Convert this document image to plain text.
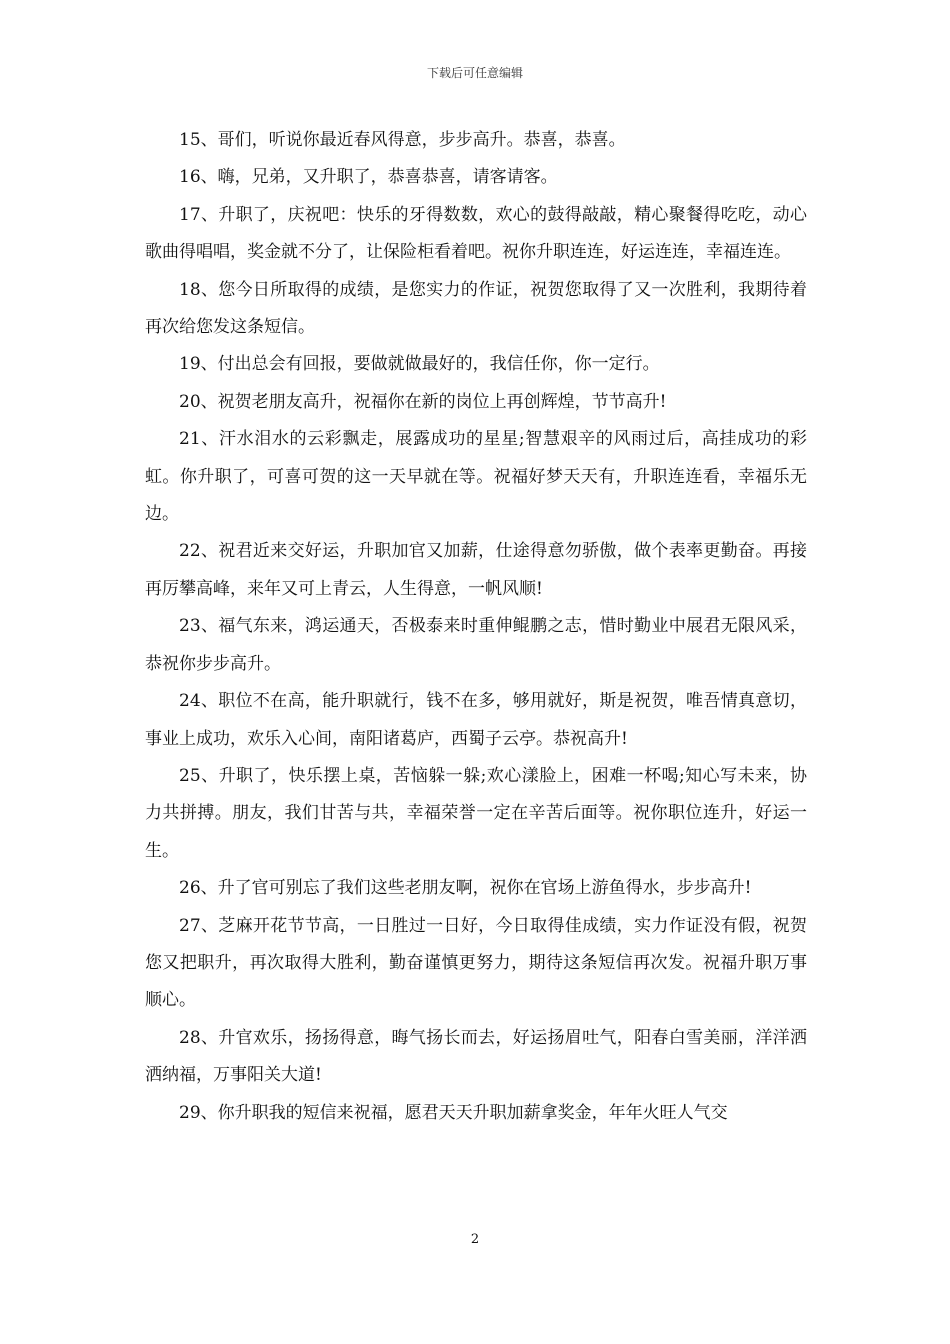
下载后可任意编辑

15、哥们，听说你最近春风得意，步步高升。恭喜，恭喜。

16、嗨，兄弟，又升职了，恭喜恭喜，请客请客。

17、升职了，庆祝吧：快乐的牙得数数，欢心的鼓得敲敲，精心聚餐得吃吃，动心歌曲得唱唱，奖金就不分了，让保险柜看着吧。祝你升职连连，好运连连，幸福连连。

18、您今日所取得的成绩，是您实力的作证，祝贺您取得了又一次胜利，我期待着再次给您发这条短信。

19、付出总会有回报，要做就做最好的，我信任你，你一定行。

20、祝贺老朋友高升，祝福你在新的岗位上再创辉煌，节节高升!

21、汗水泪水的云彩飘走，展露成功的星星;智慧艰辛的风雨过后，高挂成功的彩虹。你升职了，可喜可贺的这一天早就在等。祝福好梦天天有，升职连连看，幸福乐无边。

22、祝君近来交好运，升职加官又加薪，仕途得意勿骄傲，做个表率更勤奋。再接再厉攀高峰，来年又可上青云，人生得意，一帆风顺!

23、福气东来，鸿运通天，否极泰来时重伸鲲鹏之志，惜时勤业中展君无限风采，恭祝你步步高升。

24、职位不在高，能升职就行，钱不在多，够用就好，斯是祝贺，唯吾情真意切，事业上成功，欢乐入心间，南阳诸葛庐，西蜀子云亭。恭祝高升!

25、升职了，快乐摆上桌，苦恼躲一躲;欢心漾脸上，困难一杯喝;知心写未来，协力共拼搏。朋友，我们甘苦与共，幸福荣誉一定在辛苦后面等。祝你职位连升，好运一生。

26、升了官可别忘了我们这些老朋友啊，祝你在官场上游鱼得水，步步高升!

27、芝麻开花节节高，一日胜过一日好，今日取得佳成绩，实力作证没有假，祝贺您又把职升，再次取得大胜利，勤奋谨慎更努力，期待这条短信再次发。祝福升职万事顺心。

28、升官欢乐，扬扬得意，晦气扬长而去，好运扬眉吐气，阳春白雪美丽，洋洋洒洒纳福，万事阳关大道!

29、你升职我的短信来祝福，愿君天天升职加薪拿奖金，年年火旺人气交

2
